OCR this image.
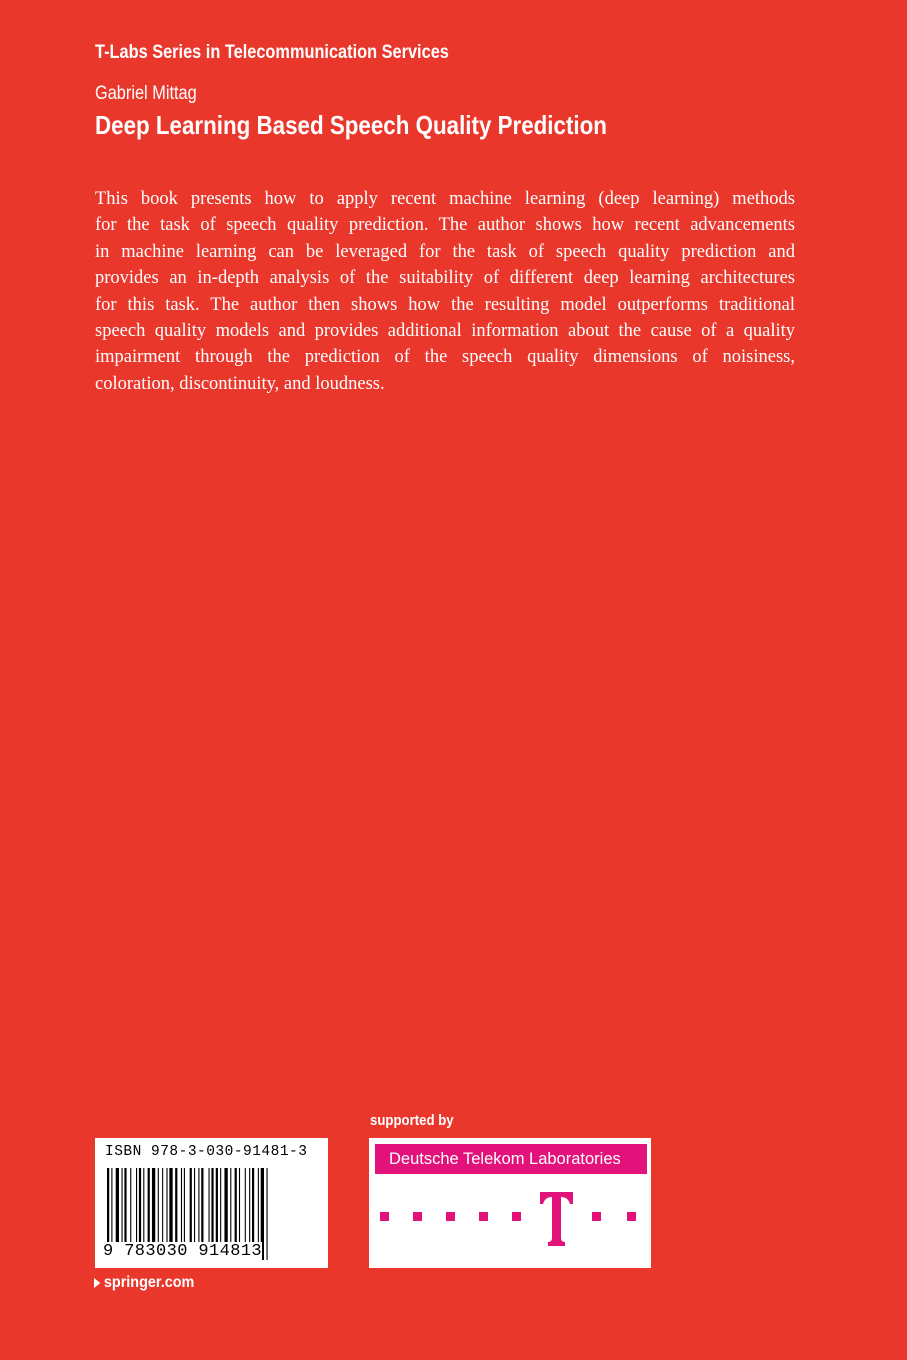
T-Labs Series in Telecommunication Services
Gabriel Mittag
Deep Learning Based Speech Quality Prediction
This book presents how to apply recent machine learning (deep learning) methods
for the task of speech quality prediction. The author shows how recent advancements
in machine learning can be leveraged for the task of speech quality prediction and
provides an in-depth analysis of the suitability of different deep learning architectures
for this task. The author then shows how the resulting model outperforms traditional
speech quality models and provides additional information about the cause of a quality
impairment through the prediction of the speech quality dimensions of noisiness,
coloration, discontinuity, and loudness.
supported by
ISBN 978-3-030-91481-3
9 783030 914813
springer.com
Deutsche Telekom Laboratories
